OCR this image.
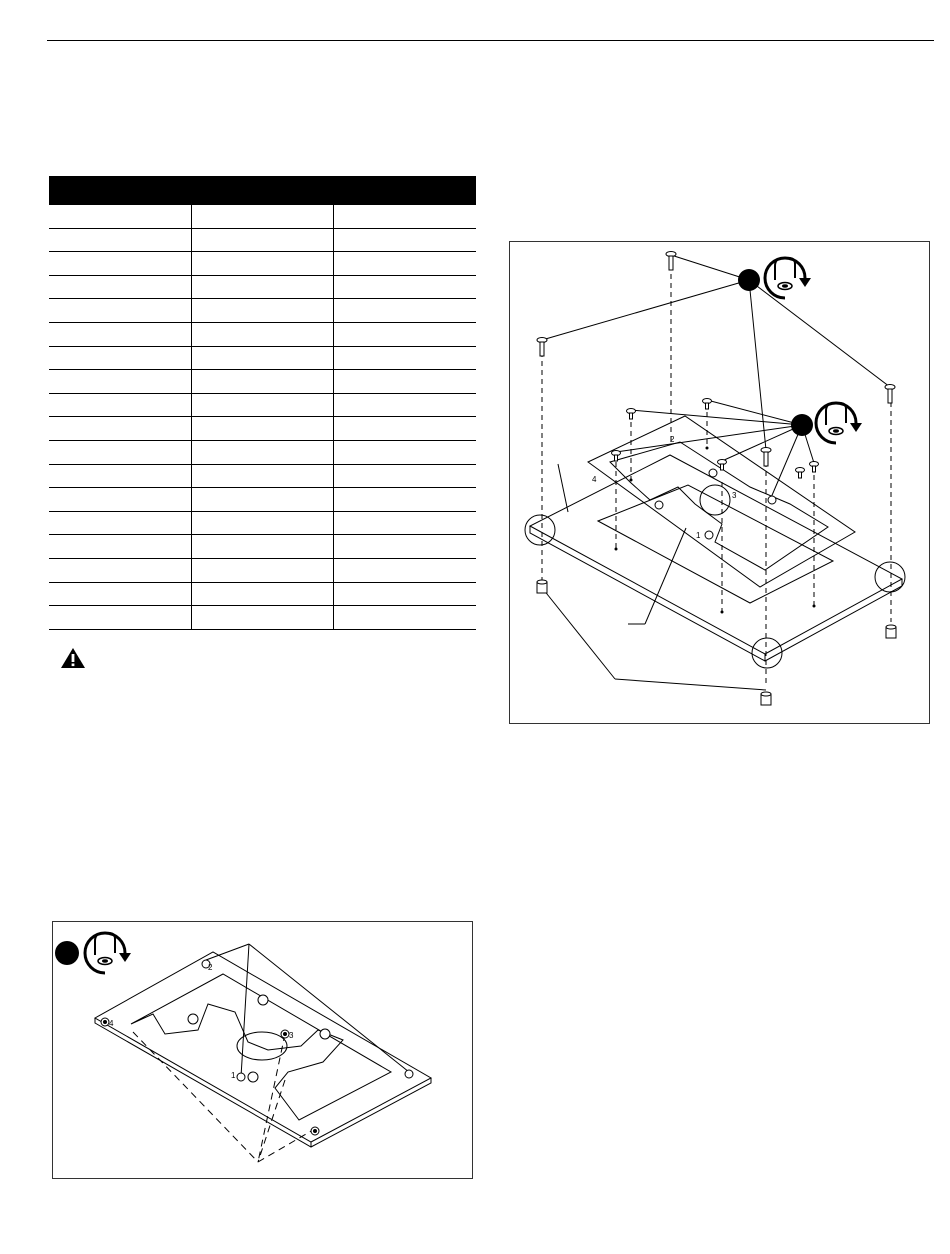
1
2
3
4
1
2
3
4
